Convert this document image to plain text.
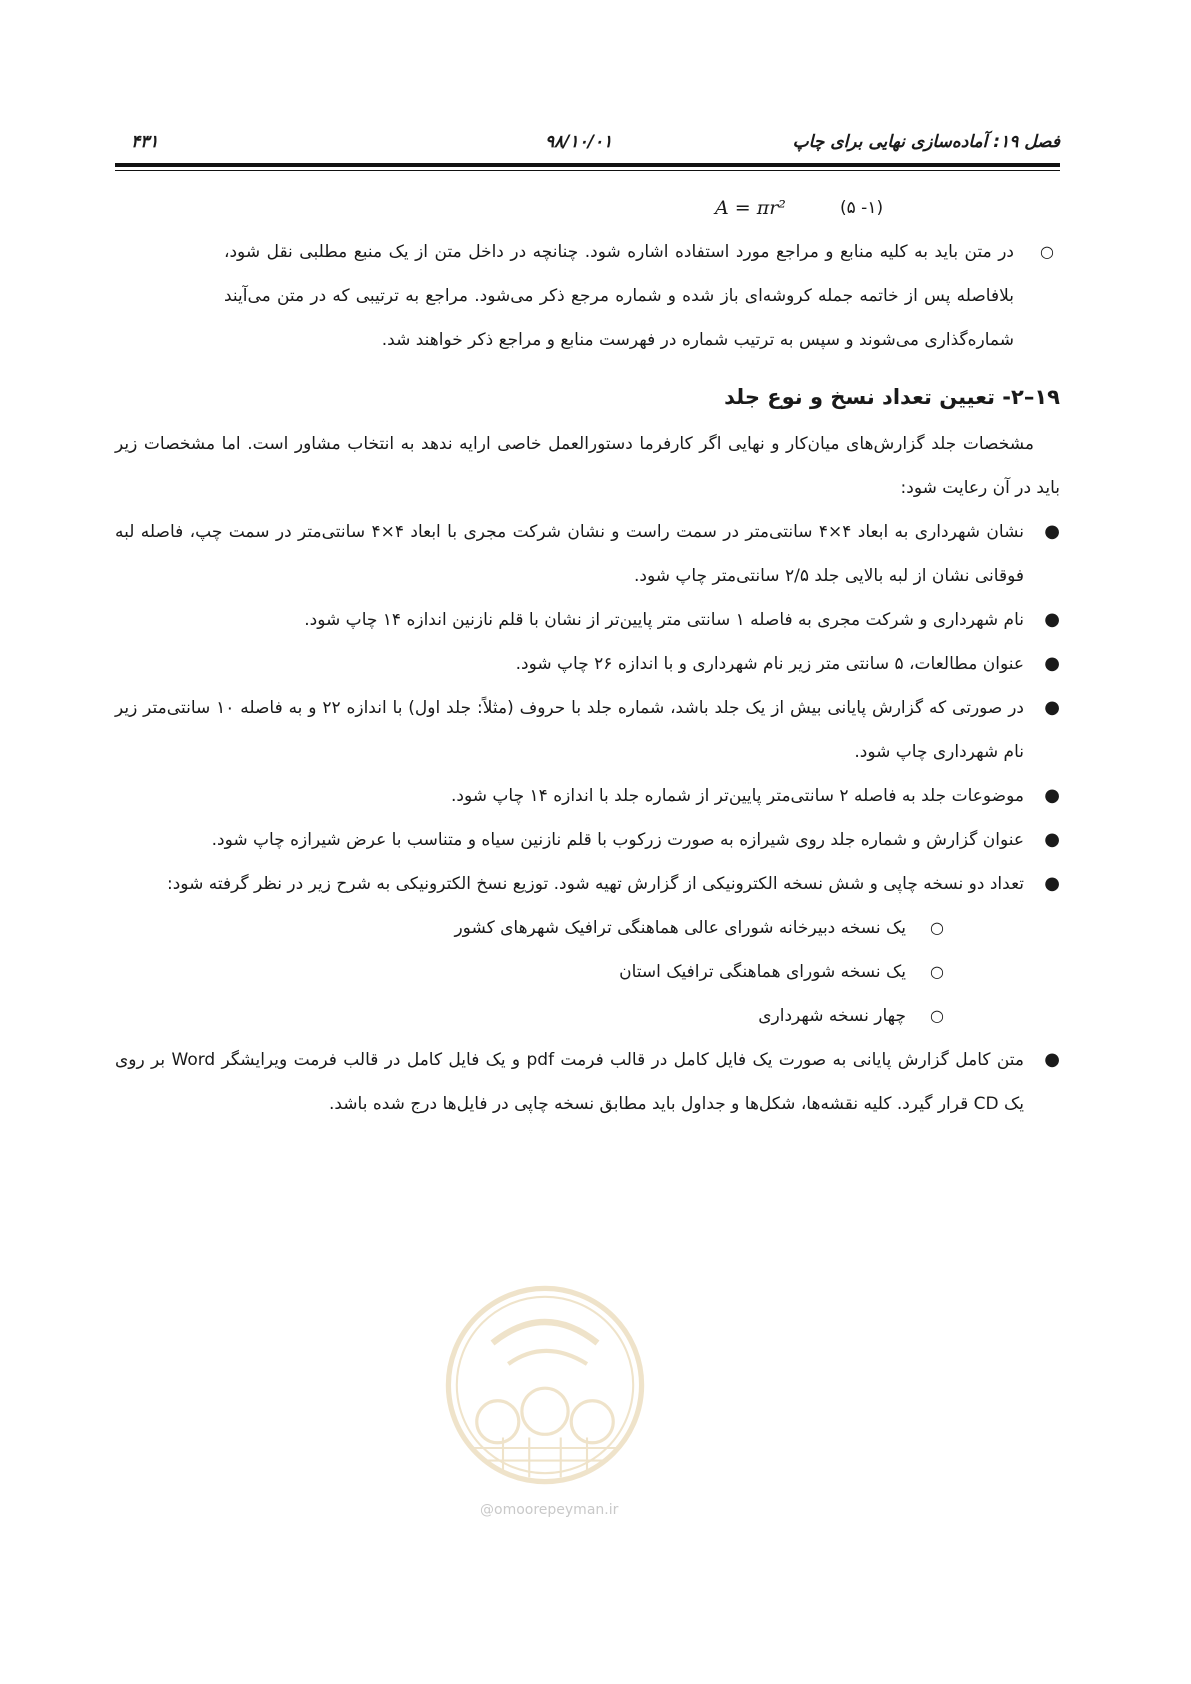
فصل ۱۹: آماده‌سازی نهایی برای چاپ
۹۸/۱۰/۰۱
۴۳۱
A = πr²	(۱- ۵)
○
در متن باید به کلیه منابع و مراجع مورد استفاده اشاره شود. چنانچه در داخل متن از یک منبع مطلبی نقل شود، بلافاصله پس از خاتمه جمله کروشه‌ای باز شده و شماره مرجع ذکر می‌شود. مراجع به ترتیبی که در متن می‌آیند شماره‌گذاری می‌شوند و سپس به ترتیب شماره در فهرست منابع و مراجع ذکر خواهند شد.
۱۹–۲- تعیین تعداد نسخ و نوع جلد

مشخصات جلد گزارش‌های میان‌کار و نهایی اگر کارفرما دستورالعمل خاصی ارایه ندهد به انتخاب مشاور است. اما مشخصات زیر باید در آن رعایت شود:

●
نشان شهرداری به ابعاد ۴×۴ سانتی‌متر در سمت راست و نشان شرکت مجری با ابعاد ۴×۴ سانتی‌متر در سمت چپ، فاصله لبه فوقانی نشان از لبه بالایی جلد ۲/۵ سانتی‌متر چاپ شود.
●
نام شهرداری و شرکت مجری به فاصله ۱ سانتی متر پایین‌تر از نشان با قلم نازنین اندازه ۱۴ چاپ شود.
●
عنوان مطالعات، ۵ سانتی متر زیر نام شهرداری و با اندازه ۲۶ چاپ شود.
●
در صورتی که گزارش پایانی بیش از یک جلد باشد، شماره جلد با حروف (مثلاً: جلد اول) با اندازه ۲۲ و به فاصله ۱۰ سانتی‌متر زیر نام شهرداری چاپ شود.
●
موضوعات جلد به فاصله ۲ سانتی‌متر پایین‌تر از شماره جلد با اندازه ۱۴ چاپ شود.
●
عنوان گزارش و شماره جلد روی شیرازه به صورت زرکوب با قلم نازنین سیاه و متناسب با عرض شیرازه چاپ شود.
●
تعداد دو نسخه چاپی و شش نسخه الکترونیکی از گزارش تهیه شود. توزیع نسخ الکترونیکی به شرح زیر در نظر گرفته شود:
○
یک نسخه دبیرخانه شورای عالی هماهنگی ترافیک شهرهای کشور
○
یک نسخه شورای هماهنگی ترافیک استان
○
چهار نسخه شهرداری
●
متن کامل گزارش پایانی به صورت یک فایل کامل در قالب فرمت pdf و یک فایل کامل در قالب فرمت ویرایشگر Word بر روی یک CD قرار گیرد. کلیه نقشه‌ها، شکل‌ها و جداول باید مطابق نسخه چاپی در فایل‌ها درج شده باشد.
@omoorepeyman.ir
